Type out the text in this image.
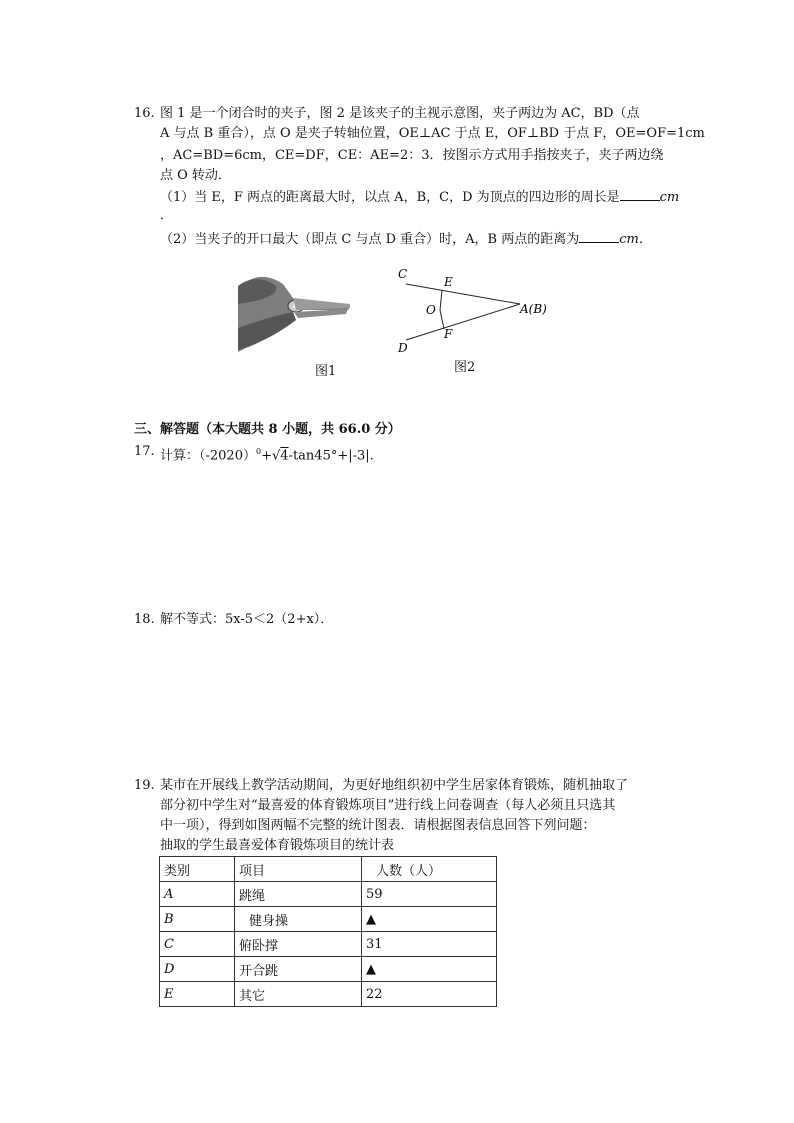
16. 图 1 是一个闭合时的夹子，图 2 是该夹子的主视示意图，夹子两边为 AC，BD（点
A 与点 B 重合），点 O 是夹子转轴位置，OE⊥AC 于点 E，OF⊥BD 于点 F，OE=OF=1cm
，AC=BD=6cm，CE=DF，CE：AE=2：3．按图示方式用手指按夹子，夹子两边绕
点 O 转动．
（1）当 E，F 两点的距离最大时，以点 A，B，C，D 为顶点的四边形的周长是	cm
．
（2）当夹子的开口最大（即点 C 与点 D 重合）时，A，B 两点的距离为	cm．
图1
C
E
O
F
D
A(B)
图2
三、解答题（本大题共 8 小题，共 66.0 分）
17. 计算：$(-2020)^0+√4-\tan 45^\circ+|-3|$.
18. 解不等式：5x-5＜2（2+x）．
19. 某市在开展线上教学活动期间，为更好地组织初中学生居家体育锻炼，随机抽取了
部分初中学生对“最喜爱的体育锻炼项目”进行线上问卷调查（每人必须且只选其
中一项），得到如图两幅不完整的统计图表．请根据图表信息回答下列问题：
抽取的学生最喜爱体育锻炼项目的统计表
类别	项目	人数（人）
A	跳绳	59
B	健身操	▲
C	俯卧撑	31
D	开合跳	▲
E	其它	22
